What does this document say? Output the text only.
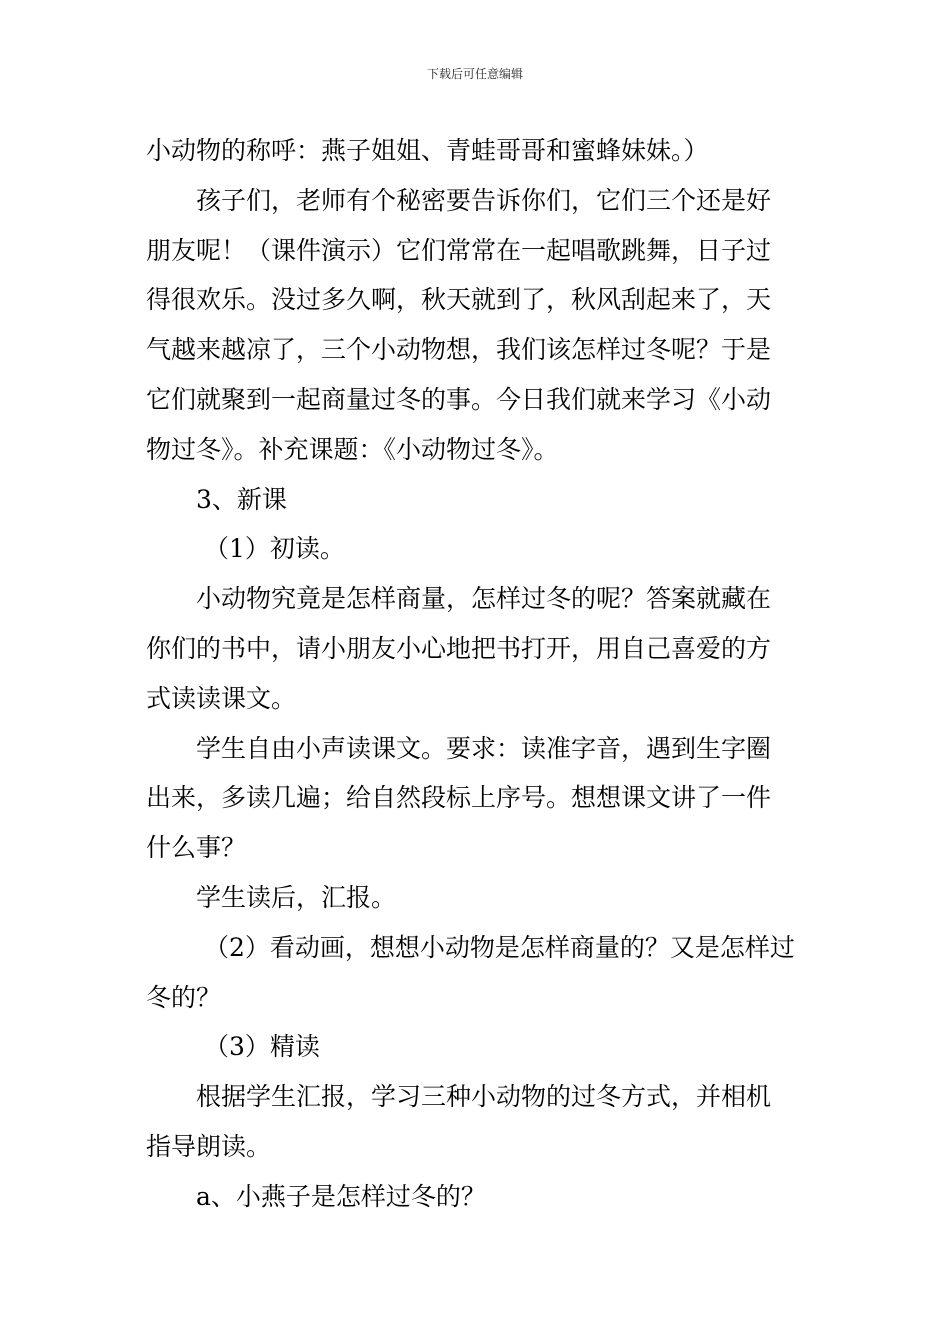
下载后可任意编辑
小动物的称呼：燕子姐姐、青蛙哥哥和蜜蜂妹妹。）
孩子们，老师有个秘密要告诉你们，它们三个还是好
朋友呢！（课件演示）它们常常在一起唱歌跳舞，日子过
得很欢乐。没过多久啊，秋天就到了，秋风刮起来了，天
气越来越凉了，三个小动物想，我们该怎样过冬呢？于是
它们就聚到一起商量过冬的事。今日我们就来学习《小动
物过冬》。补充课题：《小动物过冬》。
3、新课
（1）初读。
小动物究竟是怎样商量，怎样过冬的呢？答案就藏在
你们的书中，请小朋友小心地把书打开，用自己喜爱的方
式读读课文。
学生自由小声读课文。要求：读准字音，遇到生字圈
出来，多读几遍；给自然段标上序号。想想课文讲了一件
什么事？
学生读后，汇报。
（2）看动画，想想小动物是怎样商量的？又是怎样过
冬的？
（3）精读
根据学生汇报，学习三种小动物的过冬方式，并相机
指导朗读。
a、小燕子是怎样过冬的？
